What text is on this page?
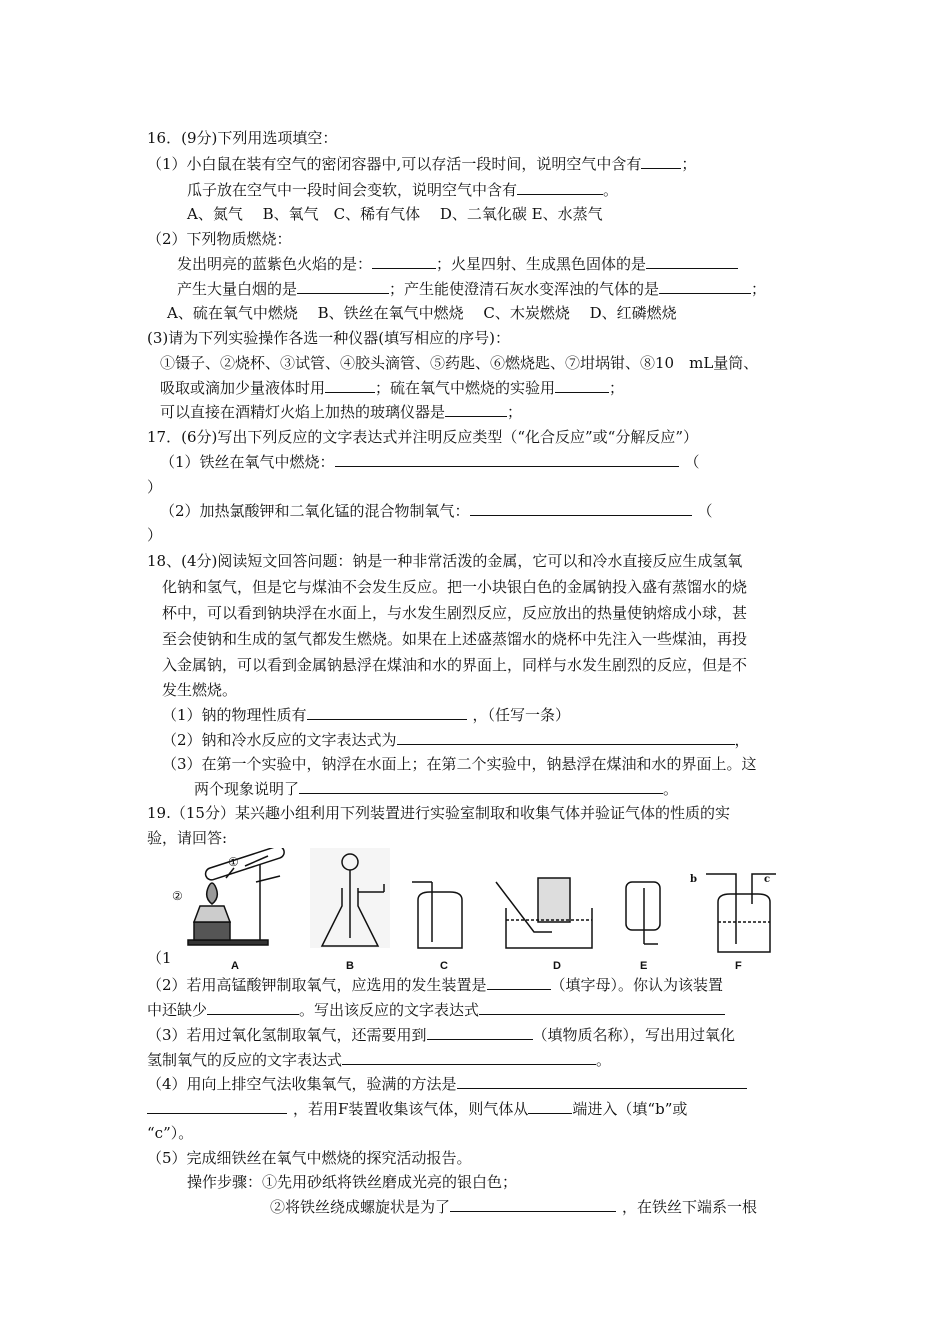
16．(9分)下列用选项填空：
（1）小白鼠在装有空气的密闭容器中,可以存活一段时间，说明空气中含有	；
瓜子放在空气中一段时间会变软，说明空气中含有	。
A、氮气　 B、氧气　C、稀有气体　 D、二氧化碳 E、水蒸气
（2）下列物质燃烧：
发出明亮的蓝紫色火焰的是：	；火星四射、生成黑色固体的是
产生大量白烟的是	；产生能使澄清石灰水变浑浊的气体的是	；
A、硫在氧气中燃烧　 B、铁丝在氧气中燃烧　 C、木炭燃烧　 D、红磷燃烧
(3)请为下列实验操作各选一种仪器(填写相应的序号)：
①镊子、②烧杯、③试管、④胶头滴管、⑤药匙、⑥燃烧匙、⑦坩埚钳、⑧10　mL量筒、
吸取或滴加少量液体时用	；硫在氧气中燃烧的实验用	；
可以直接在酒精灯火焰上加热的玻璃仪器是	；
17．(6分)写出下列反应的文字表达式并注明反应类型（“化合反应”或“分解反应”）
（1）铁丝在氧气中燃烧：	（
）
（2）加热氯酸钾和二氧化锰的混合物制氧气：	（
）
18、(4分)阅读短文回答问题：钠是一种非常活泼的金属，它可以和冷水直接反应生成氢氧
化钠和氢气，但是它与煤油不会发生反应。把一小块银白色的金属钠投入盛有蒸馏水的烧
杯中，可以看到钠块浮在水面上，与水发生剧烈反应，反应放出的热量使钠熔成小球，甚
至会使钠和生成的氢气都发生燃烧。如果在上述盛蒸馏水的烧杯中先注入一些煤油，再投
入金属钠，可以看到金属钠悬浮在煤油和水的界面上，同样与水发生剧烈的反应，但是不
发生燃烧。
（1）钠的物理性质有	，（任写一条）
（2）钠和冷水反应的文字表达式为	，
（3）在第一个实验中，钠浮在水面上；在第二个实验中，钠悬浮在煤油和水的界面上。这
两个现象说明了	。
19.（15分）某兴趣小组利用下列装置进行实验室制取和收集气体并验证气体的性质的实
验，请回答:
（1	A	B	C	D	E	F
①
②
b	c
（2）若用高锰酸钾制取氧气，应选用的发生装置是	（填字母）。你认为该装置
中还缺少	。写出该反应的文字表达式
（3）若用过氧化氢制取氧气，还需要用到	（填物质名称），写出用过氧化
氢制氧气的反应的文字表达式	。
（4）用向上排空气法收集氧气，验满的方法是
，若用F装置收集该气体，则气体从	端进入（填“b”或
“c”）。
（5）完成细铁丝在氧气中燃烧的探究活动报告。
操作步骤：①先用砂纸将铁丝磨成光亮的银白色；
②将铁丝绕成螺旋状是为了	，在铁丝下端系一根
